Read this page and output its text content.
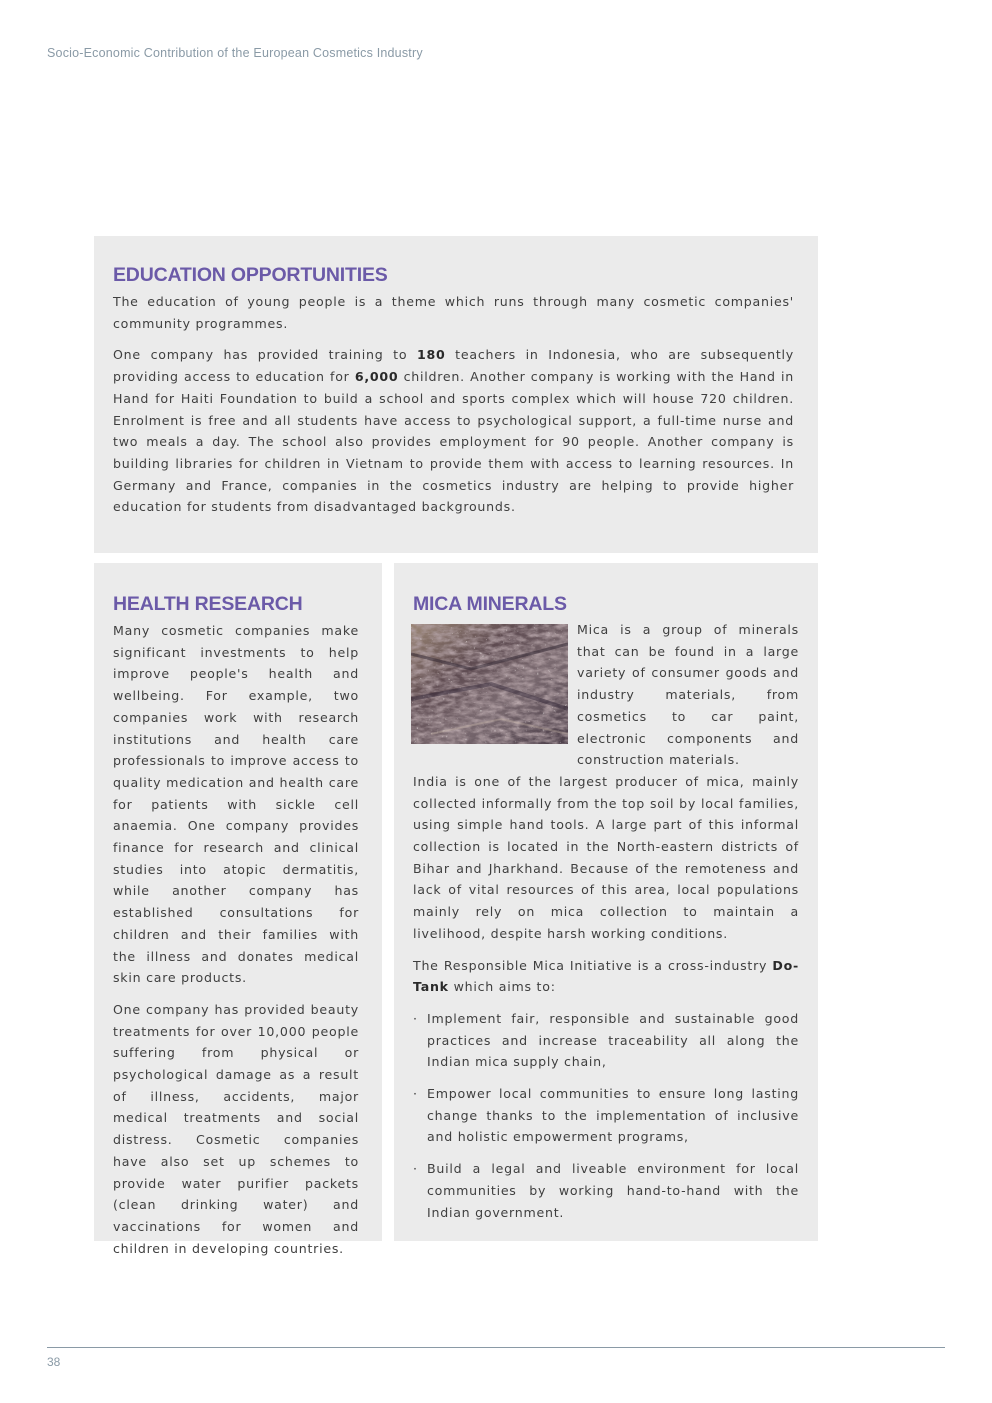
Socio-Economic Contribution of the European Cosmetics Industry
EDUCATION OPPORTUNITIES

The education of young people is a theme which runs through many cosmetic companies' community programmes.

One company has provided training to 180 teachers in Indonesia, who are subsequently providing access to education for 6,000 children. Another company is working with the Hand in Hand for Haiti Foundation to build a school and sports complex which will house 720 children. Enrolment is free and all students have access to psychological support, a full-time nurse and two meals a day. The school also provides employment for 90 people. Another company is building libraries for children in Vietnam to provide them with access to learning resources. In Germany and France, companies in the cosmetics industry are helping to provide higher education for students from disadvantaged backgrounds.

HEALTH RESEARCH

Many cosmetic companies make significant investments to help improve people's health and wellbeing. For example, two companies work with research institutions and health care professionals to improve access to quality medication and health care for patients with sickle cell anaemia. One company provides finance for research and clinical studies into atopic dermatitis, while another company has established consultations for children and their families with the illness and donates medical skin care products.

One company has provided beauty treatments for over 10,000 people suffering from physical or psychological damage as a result of illness, accidents, major medical treatments and social distress. Cosmetic companies have also set up schemes to provide water purifier packets (clean drinking water) and vaccinations for women and children in developing countries.

MICA MINERALS

Mica is a group of minerals that can be found in a large variety of consumer goods and industry materials, from cosmetics to car paint, electronic components and construction materials.

India is one of the largest producer of mica, mainly collected informally from the top soil by local families, using simple hand tools. A large part of this informal collection is located in the North-eastern districts of Bihar and Jharkhand. Because of the remoteness and lack of vital resources of this area, local populations mainly rely on mica collection to maintain a livelihood, despite harsh working conditions.

The Responsible Mica Initiative is a cross-industry Do-Tank which aims to:

· Implement fair, responsible and sustainable good practices and increase traceability all along the Indian mica supply chain,

· Empower local communities to ensure long lasting change thanks to the implementation of inclusive and holistic empowerment programs,

· Build a legal and liveable environment for local communities by working hand-to-hand with the Indian government.

38
